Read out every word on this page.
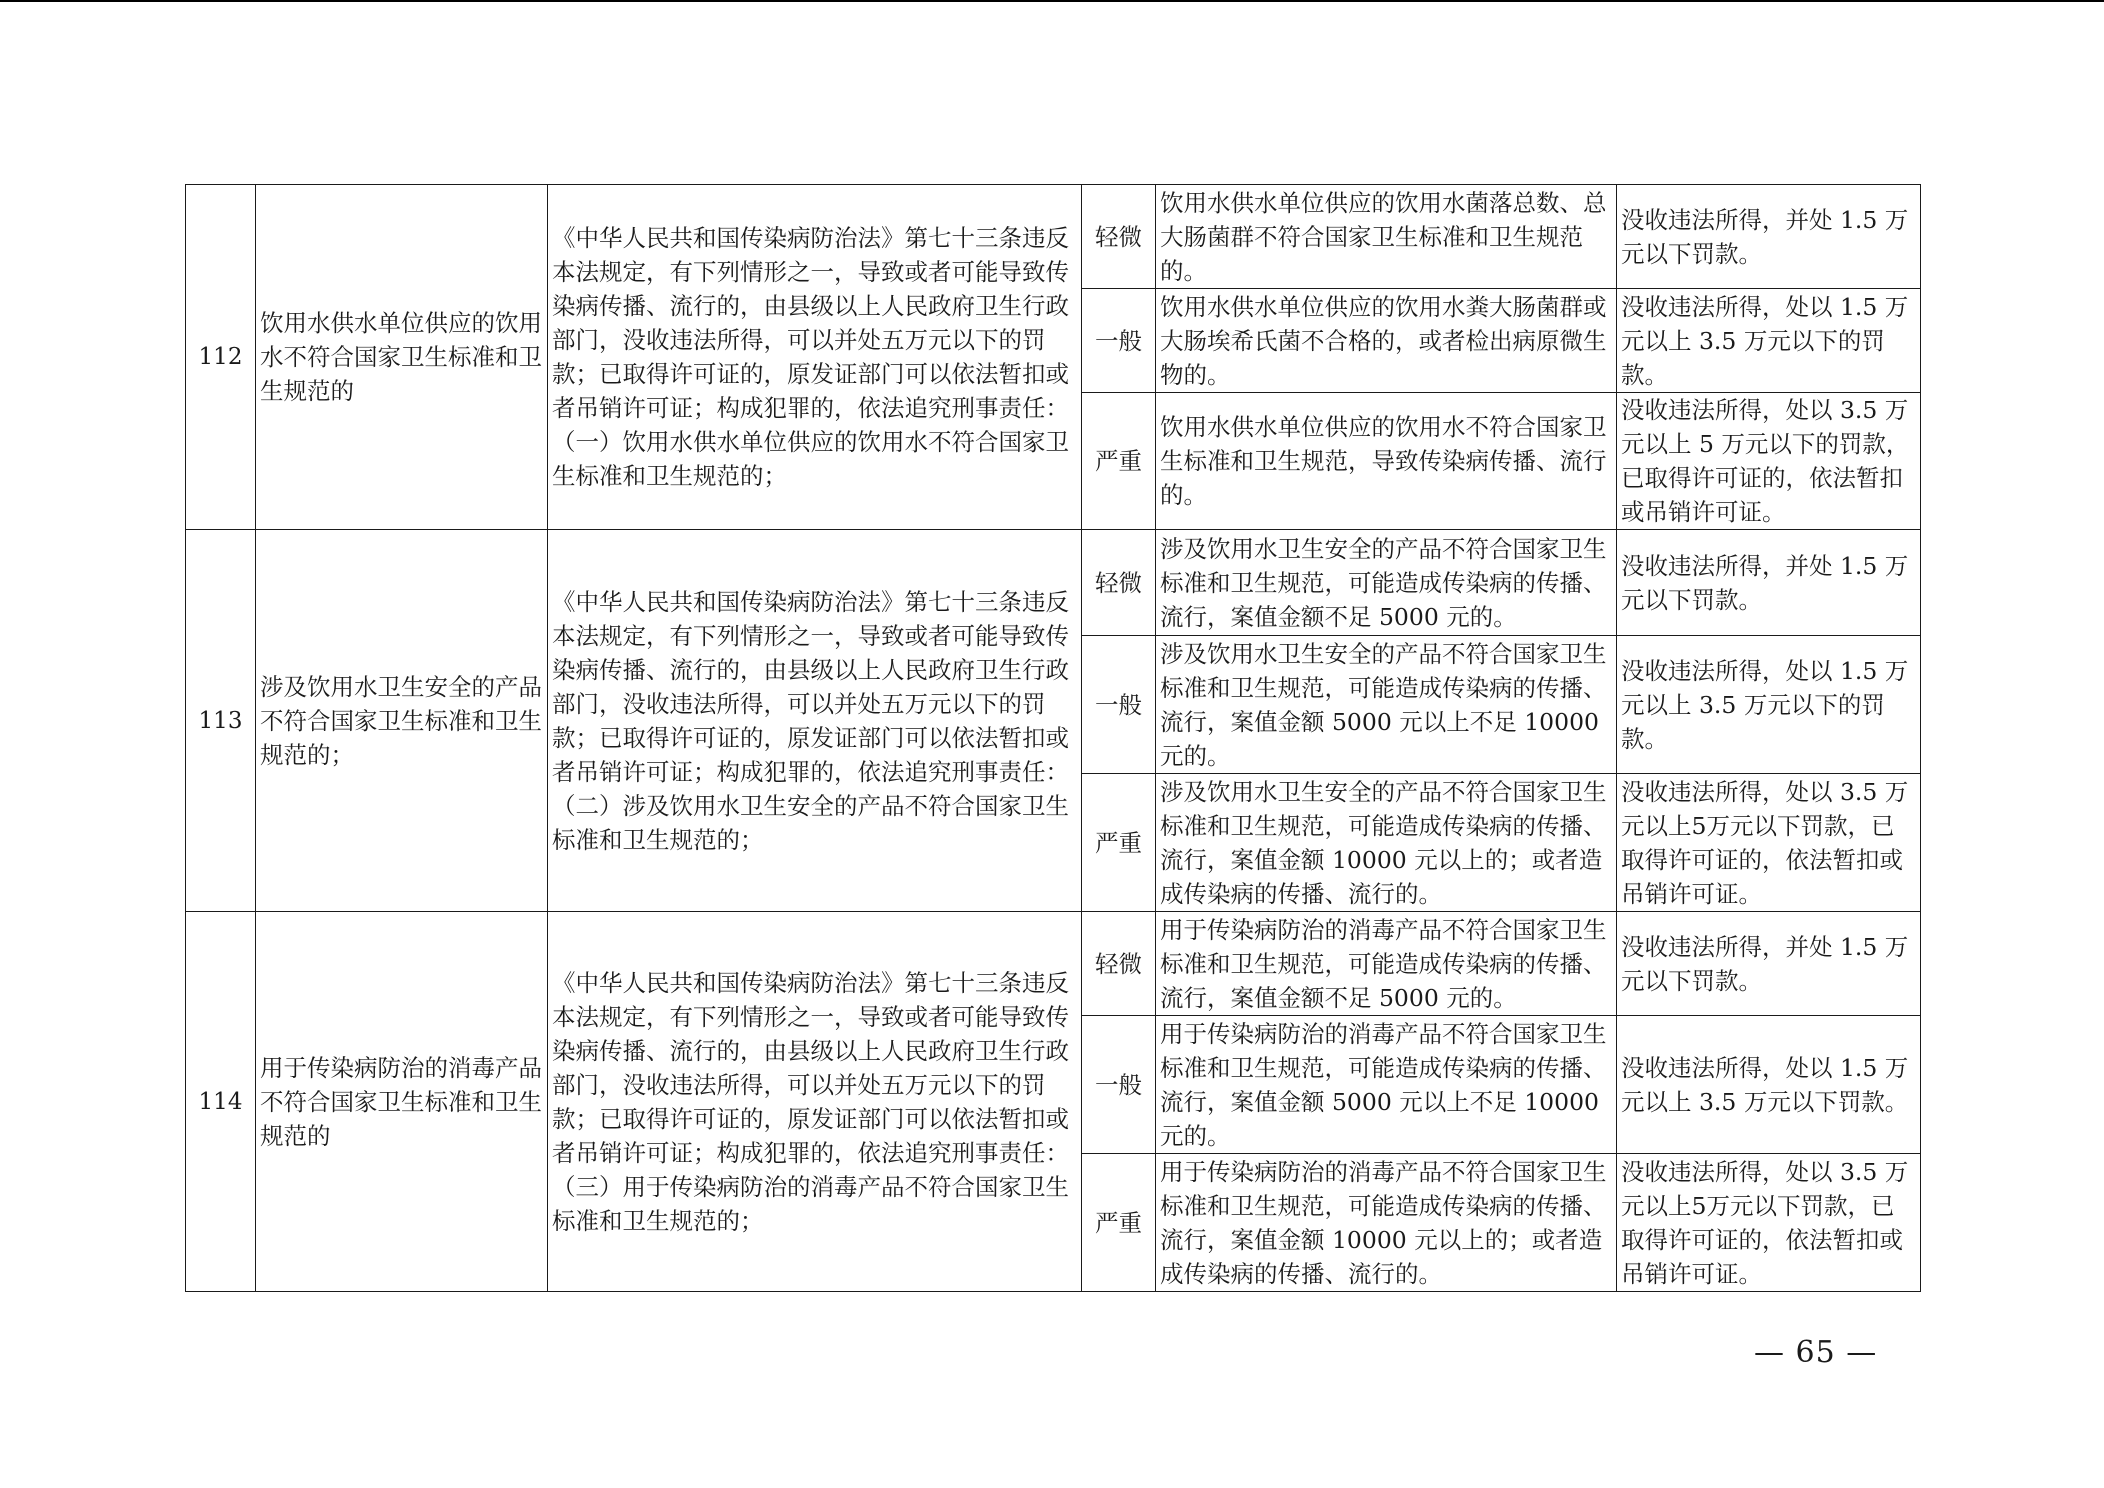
112	饮用水供水单位供应的饮用水不符合国家卫生标准和卫生规范的	《中华人民共和国传染病防治法》第七十三条违反本法规定，有下列情形之一，导致或者可能导致传染病传播、流行的，由县级以上人民政府卫生行政部门，没收违法所得，可以并处五万元以下的罚款；已取得许可证的，原发证部门可以依法暂扣或者吊销许可证；构成犯罪的，依法追究刑事责任：（一）饮用水供水单位供应的饮用水不符合国家卫生标准和卫生规范的；	轻微	饮用水供水单位供应的饮用水菌落总数、总大肠菌群不符合国家卫生标准和卫生规范的。	没收违法所得，并处 1.5 万元以下罚款。
			一般	饮用水供水单位供应的饮用水粪大肠菌群或大肠埃希氏菌不合格的，或者检出病原微生物的。	没收违法所得，处以 1.5 万元以上 3.5 万元以下的罚款。
			严重	饮用水供水单位供应的饮用水不符合国家卫生标准和卫生规范，导致传染病传播、流行的。	没收违法所得，处以 3.5 万元以上 5 万元以下的罚款，已取得许可证的，依法暂扣或吊销许可证。
113	涉及饮用水卫生安全的产品不符合国家卫生标准和卫生规范的；	《中华人民共和国传染病防治法》第七十三条违反本法规定，有下列情形之一，导致或者可能导致传染病传播、流行的，由县级以上人民政府卫生行政部门，没收违法所得，可以并处五万元以下的罚款；已取得许可证的，原发证部门可以依法暂扣或者吊销许可证；构成犯罪的，依法追究刑事责任：（二）涉及饮用水卫生安全的产品不符合国家卫生标准和卫生规范的；	轻微	涉及饮用水卫生安全的产品不符合国家卫生标准和卫生规范，可能造成传染病的传播、流行，案值金额不足 5000 元的。	没收违法所得，并处 1.5 万元以下罚款。
			一般	涉及饮用水卫生安全的产品不符合国家卫生标准和卫生规范，可能造成传染病的传播、流行，案值金额 5000 元以上不足 10000 元的。	没收违法所得，处以 1.5 万元以上 3.5 万元以下的罚款。
			严重	涉及饮用水卫生安全的产品不符合国家卫生标准和卫生规范，可能造成传染病的传播、流行，案值金额 10000 元以上的；或者造成传染病的传播、流行的。	没收违法所得，处以 3.5 万元以上5万元以下罚款，已取得许可证的，依法暂扣或吊销许可证。
114	用于传染病防治的消毒产品不符合国家卫生标准和卫生规范的	《中华人民共和国传染病防治法》第七十三条违反本法规定，有下列情形之一，导致或者可能导致传染病传播、流行的，由县级以上人民政府卫生行政部门，没收违法所得，可以并处五万元以下的罚款；已取得许可证的，原发证部门可以依法暂扣或者吊销许可证；构成犯罪的，依法追究刑事责任：（三）用于传染病防治的消毒产品不符合国家卫生标准和卫生规范的；	轻微	用于传染病防治的消毒产品不符合国家卫生标准和卫生规范，可能造成传染病的传播、流行，案值金额不足 5000 元的。	没收违法所得，并处 1.5 万元以下罚款。
			一般	用于传染病防治的消毒产品不符合国家卫生标准和卫生规范，可能造成传染病的传播、流行，案值金额 5000 元以上不足 10000 元的。	没收违法所得，处以 1.5 万元以上 3.5 万元以下罚款。
			严重	用于传染病防治的消毒产品不符合国家卫生标准和卫生规范，可能造成传染病的传播、流行，案值金额 10000 元以上的；或者造成传染病的传播、流行的。	没收违法所得，处以 3.5 万元以上5万元以下罚款，已取得许可证的，依法暂扣或吊销许可证。
— 65 —
